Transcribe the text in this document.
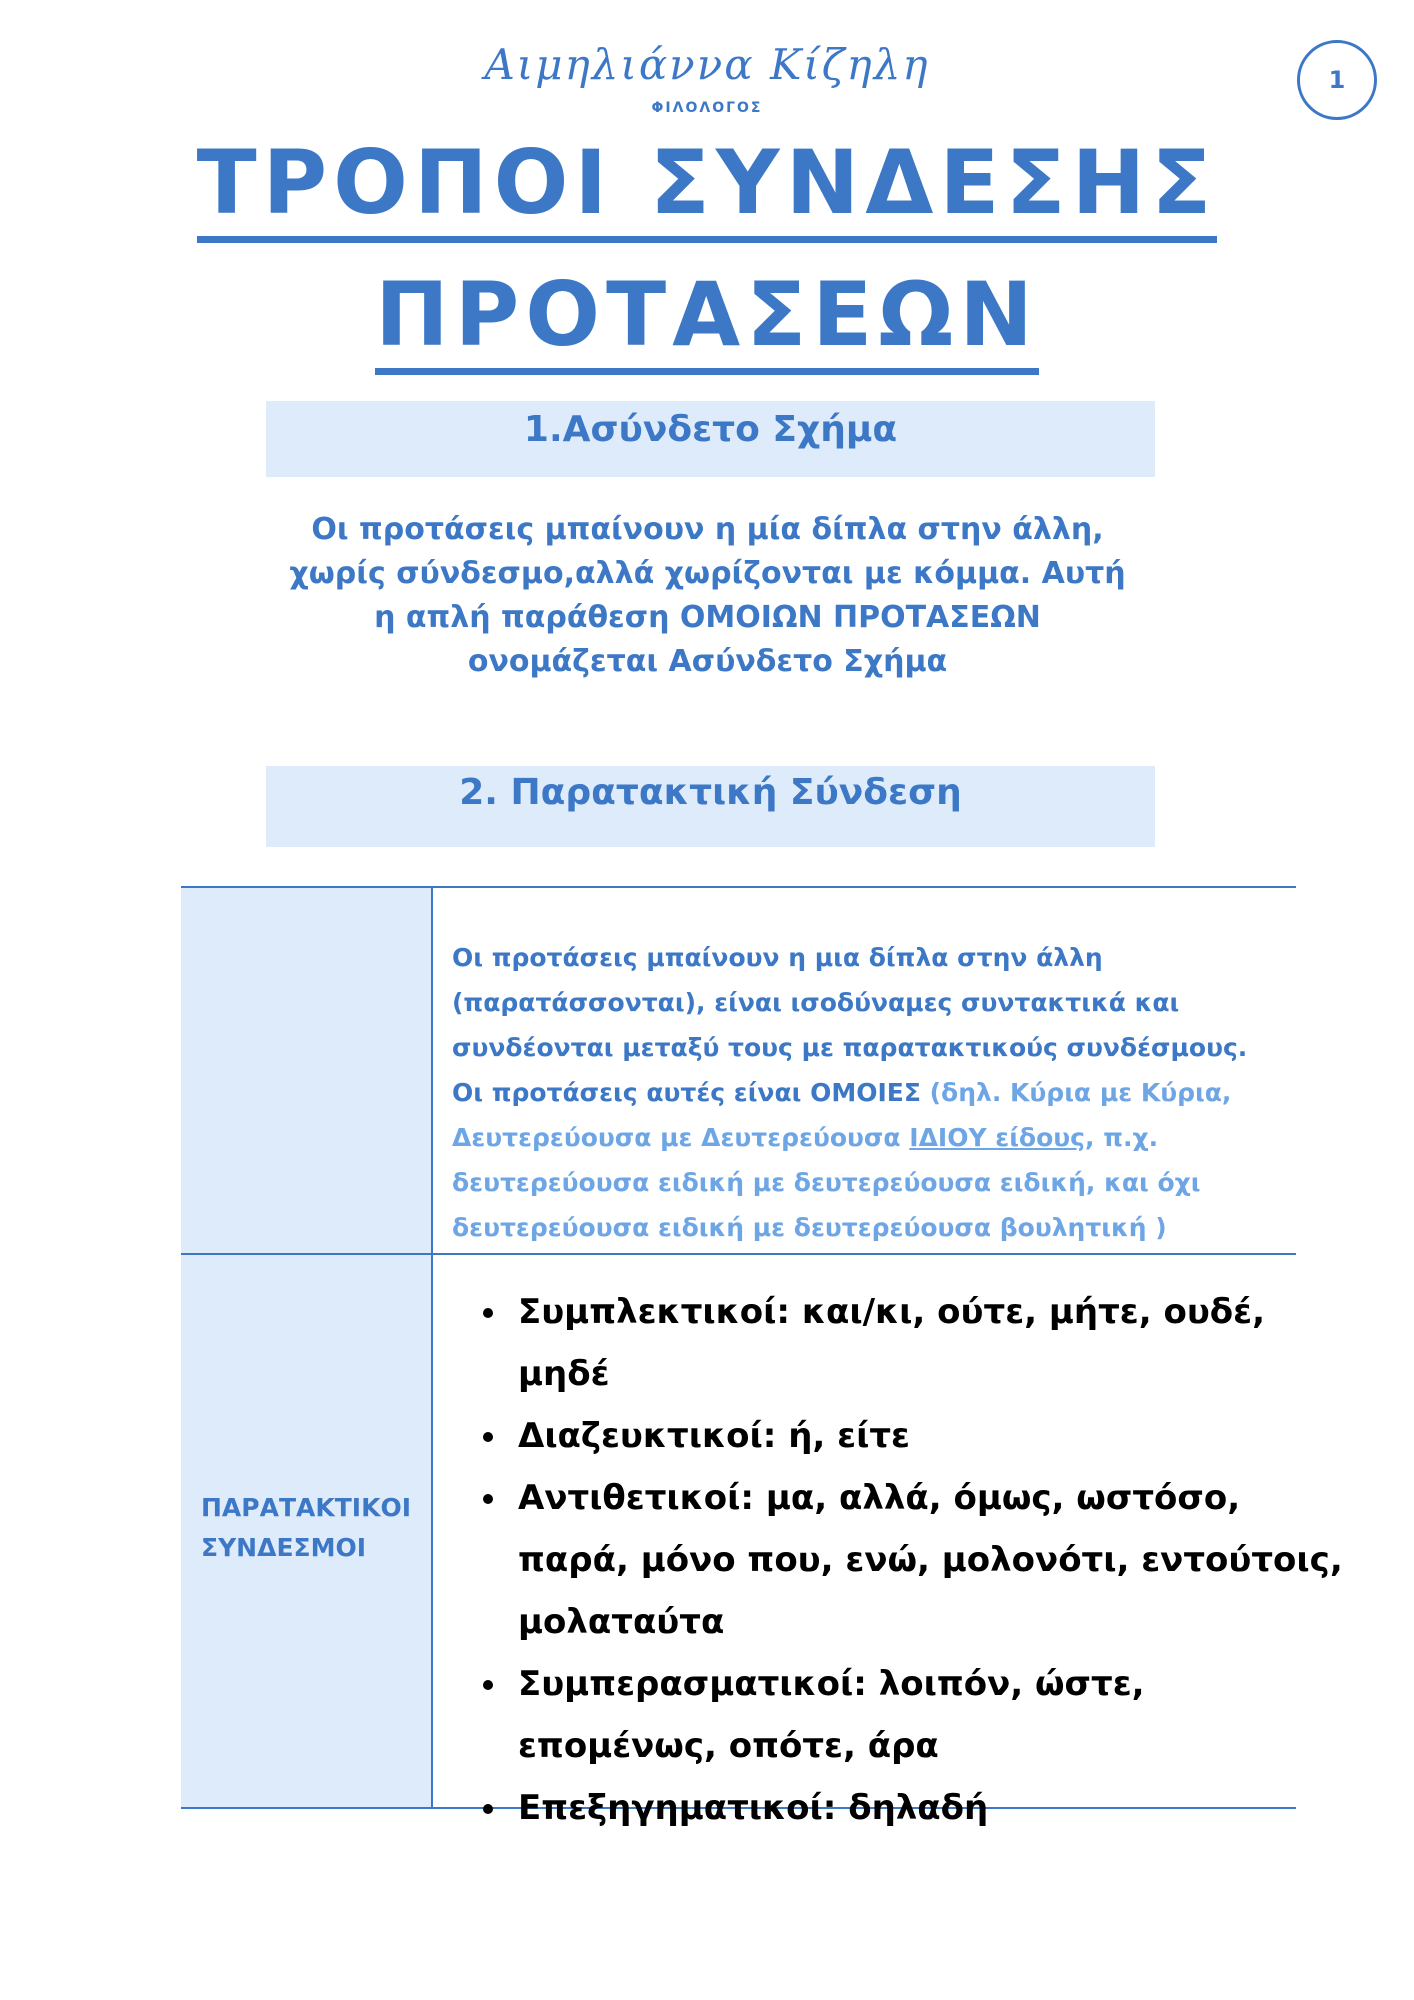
Αιμηλιάννα Κίζηλη
ΦΙΛΟΛΟΓΟΣ
1
ΤΡΟΠΟΙ ΣΥΝΔΕΣΗΣ
ΠΡΟΤΑΣΕΩΝ
1.Ασύνδετο Σχήμα
Οι προτάσεις μπαίνουν η μία δίπλα στην άλλη, χωρίς σύνδεσμο,αλλά χωρίζονται με κόμμα. Αυτή η απλή παράθεση ΟΜΟΙΩΝ ΠΡΟΤΑΣΕΩΝ ονομάζεται Ασύνδετο Σχήμα
2. Παρατακτική Σύνδεση
Οι προτάσεις μπαίνουν η μια δίπλα στην άλλη (παρατάσσονται), είναι ισοδύναμες συντακτικά και συνδέονται μεταξύ τους με παρατακτικούς συνδέσμους. Οι προτάσεις αυτές είναι ΟΜΟΙΕΣ (δηλ. Κύρια με Κύρια, Δευτερεύουσα με Δευτερεύουσα ΙΔΙΟΥ είδους, π.χ. δευτερεύουσα ειδική με δευτερεύουσα ειδική, και όχι δευτερεύουσα ειδική με δευτερεύουσα βουλητική )
ΠΑΡΑΤΑΚΤΙΚΟΙ ΣΥΝΔΕΣΜΟΙ
• Συμπλεκτικοί: και/κι, ούτε, μήτε, ουδέ, μηδέ
• Διαζευκτικοί: ή, είτε
• Αντιθετικοί: μα, αλλά, όμως, ωστόσο, παρά, μόνο που, ενώ, μολονότι, εντούτοις, μολαταύτα
• Συμπερασματικοί: λοιπόν, ώστε, επομένως, οπότε, άρα
• Επεξηγηματικοί: δηλαδή
